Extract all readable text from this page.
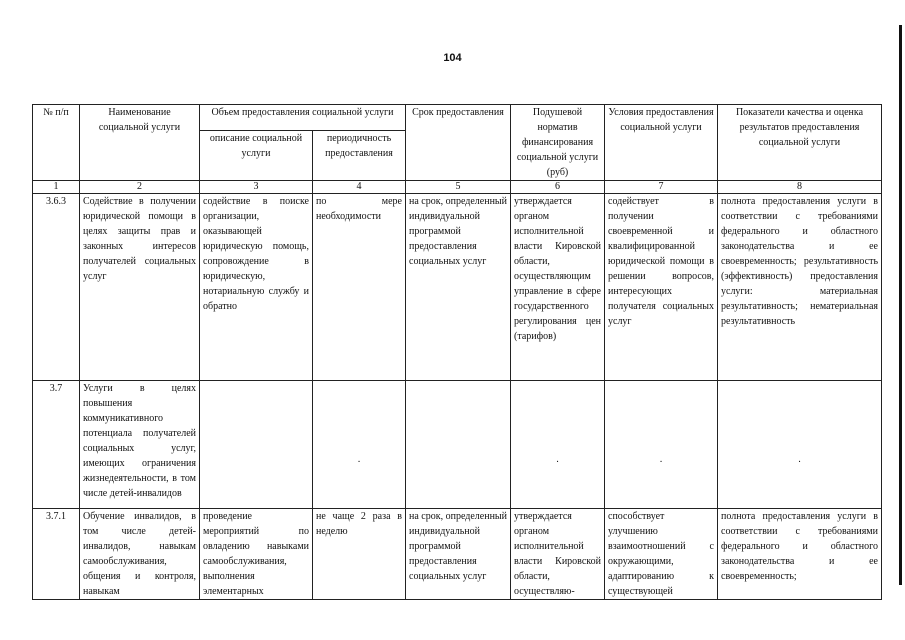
104
№ п/п	Наименование социальной услуги	Объем предоставления социальной услуги		Срок предоставления	Подушевой норматив финансирования социальной услуги (руб)	Условия предоставления социальной услуги	Показатели качества и оценка результатов предоставления социальной услуги
		описание социальной услуги	периодичность предоставления				
1	2	3	4	5	6	7	8
3.6.3	Содействие в получении юридической помощи в целях защиты прав и законных интересов получателей социальных услуг	содействие в поиске организации, оказывающей юридическую помощь, сопровождение в юридическую, нотариальную службу и обратно	по мере необходимости	на срок, определенный индивидуальной программой предоставления социальных услуг	утверждается органом исполнительной власти Кировской области, осуществляющим управление в сфере государственного регулирования цен (тарифов)	содействует в получении своевременной и квалифицированной юридической помощи в решении вопросов, интересующих получателя социальных услуг	полнота предоставления услуги в соответствии с требованиями федерального и областного законодательства и ее своевременность; результативность (эффективность) предоставления услуги: материальная результативность; нематериальная результативность
3.7	Услуги в целях повышения коммуникативного потенциала получателей социальных услуг, имеющих ограничения жизнедеятельности, в том числе детей-инвалидов		·		·	·	·

3.7.1	Обучение инвалидов, в том числе детей-инвалидов, навыкам самообслуживания, общения и контроля, навыкам	проведение мероприятий по овладению навыками самообслуживания, выполнения элементарных	не чаще 2 раза в неделю	на срок, определенный индивидуальной программой предоставления социальных услуг	утверждается органом исполнительной власти Кировской области, осуществляю-	способствует улучшению взаимоотношений с окружающими, адаптированию к существующей	полнота предоставления услуги в соответствии с требованиями федерального и областного законодательства и ее своевременность;
